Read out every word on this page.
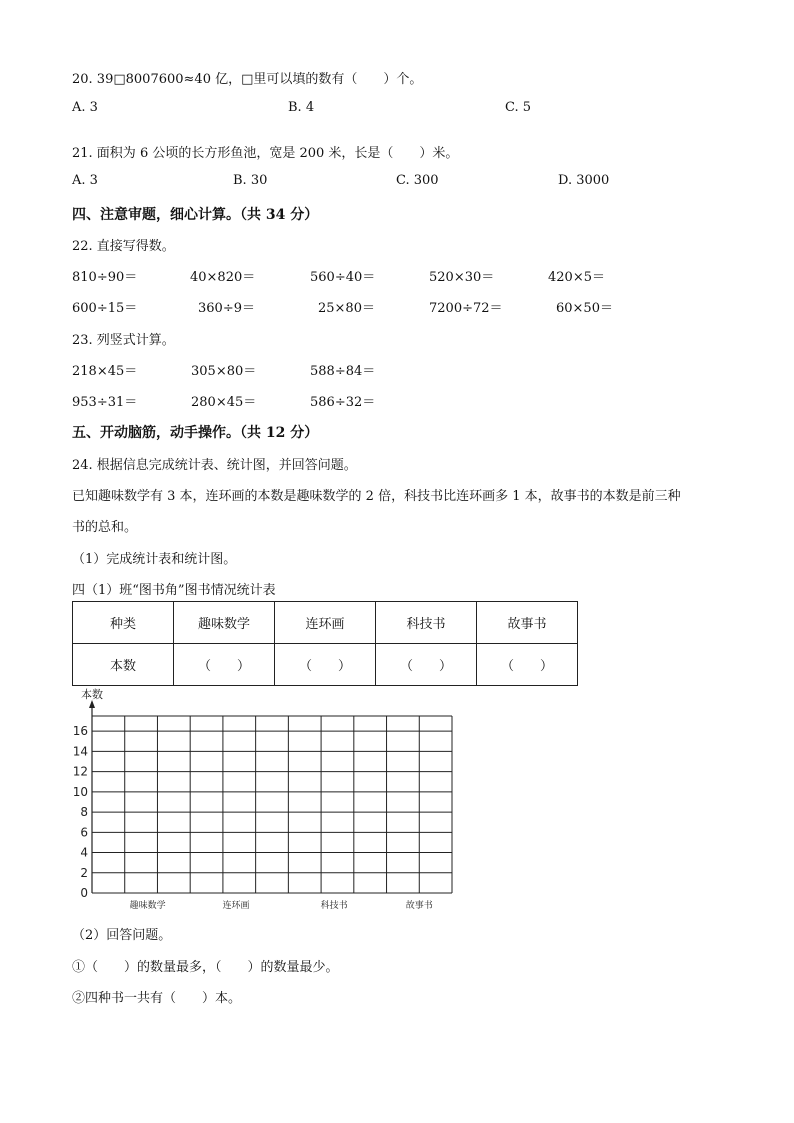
20. 39□8007600≈40 亿，□里可以填的数有（　　）个。
A. 3	B. 4	C. 5
21. 面积为 6 公顷的长方形鱼池，宽是 200 米，长是（　　）米。
A. 3	B. 30	C. 300	D. 3000
四、注意审题，细心计算。（共 34 分）
22. 直接写得数。
810÷90＝	40×820＝	560÷40＝	520×30＝	420×5＝
600÷15＝	360÷9＝	25×80＝	7200÷72＝	60×50＝
23. 列竖式计算。
218×45＝	305×80＝	588÷84＝
953÷31＝	280×45＝	586÷32＝
五、开动脑筋，动手操作。（共 12 分）
24. 根据信息完成统计表、统计图，并回答问题。
已知趣味数学有 3 本，连环画的本数是趣味数学的 2 倍，科技书比连环画多 1 本，故事书的本数是前三种
书的总和。
（1）完成统计表和统计图。
四（1）班“图书角”图书情况统计表
种类	趣味数学	连环画	科技书	故事书
本数	（　　）	（　　）	（　　）	（　　）
本数
0
2
4
6
8
10
12
14
16
趣味数学	连环画	科技书	故事书
（2）回答问题。
①（　　）的数量最多，（　　）的数量最少。
②四种书一共有（　　）本。
